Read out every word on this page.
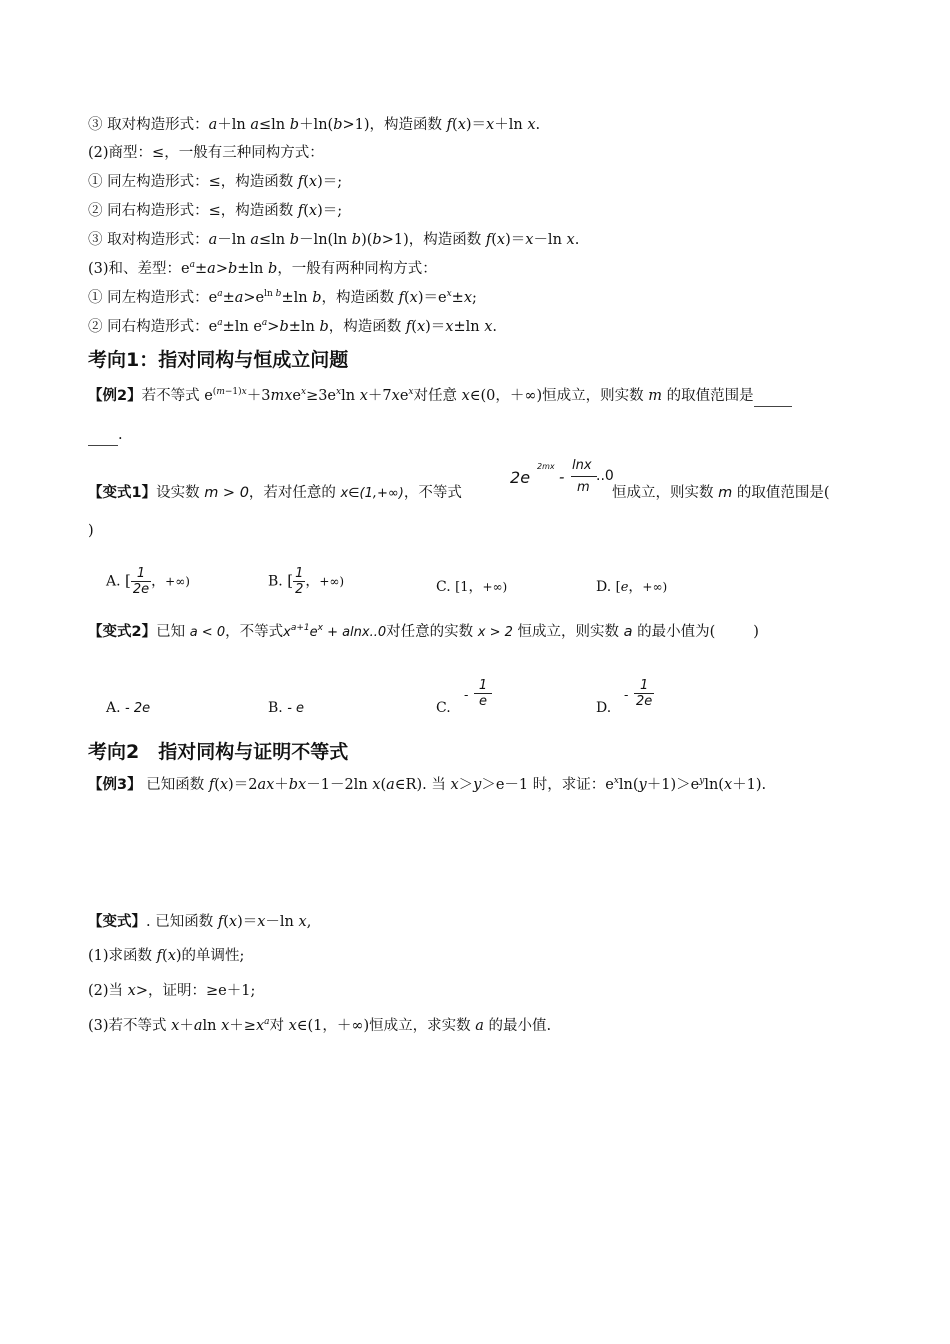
③ 取对构造形式：a＋ln a≤ln b＋ln(b>1)，构造函数 f(x)＝x＋ln x.
(2)商型：≤，一般有三种同构方式：
① 同左构造形式：≤，构造函数 f(x)＝;
② 同右构造形式：≤，构造函数 f(x)＝;
③ 取对构造形式：a－ln a≤ln b－ln(ln b)(b>1)，构造函数 f(x)＝x－ln x.
(3)和、差型：$e^a\pm a>b\pm\ln$ b，一般有两种同构方式：
① 同左构造形式：$e^a\pm a>e^{ln b}\pm\ln$ b，构造函数 $f(x)=e^x\pm x$;
② 同右构造形式：$e^a\pm\ln$ $e^a>b\pm\ln$ b，构造函数 f(x)＝x±ln x.
考向1：指对同构与恒成立问题
【例2】若不等式 $e^{(m-1)x}+3mxe^x\ge 3e^x\ln$ $x+7xe^x$对任意 x∈(0，＋∞)恒成立，则实数 m 的取值范围是
.
【变式1】设实数 m > 0，若对任意的 x∈(1,+∞)，不等式
2e
2mx
-
lnx
m
..0
恒成立，则实数 m 的取值范围是(
)
A. [ $\frac{1}{2e}$ ，+∞)	B. [ $\frac{1}{2}$ ，+∞)	C. [1，+∞)	D. [e，+∞)
【变式2】已知 a < 0，不等式$x^{a+1}e^x + alnx..0$对任意的实数 x > 2 恒成立，则实数 a 的最小值为(	)
A. - 2e	B. - e	C.
- $\frac{1}{e}$	D.
- $\frac{1}{2e}$
考向2　指对同构与证明不等式
【例3】 已知函数 f(x)＝2ax＋bx－1－2ln x(a∈R). 当 x＞y＞e－1 时，求证：$e^x\ln(y+1)>e^y\ln(x+1)$.
【变式】. 已知函数 f(x)＝x－ln x,
(1)求函数 f(x)的单调性;
(2)当 x>，证明：≥e＋1;
(3)若不等式 x＋aln $x+\ge x^a$对 x∈(1，＋∞)恒成立，求实数 a 的最小值.
